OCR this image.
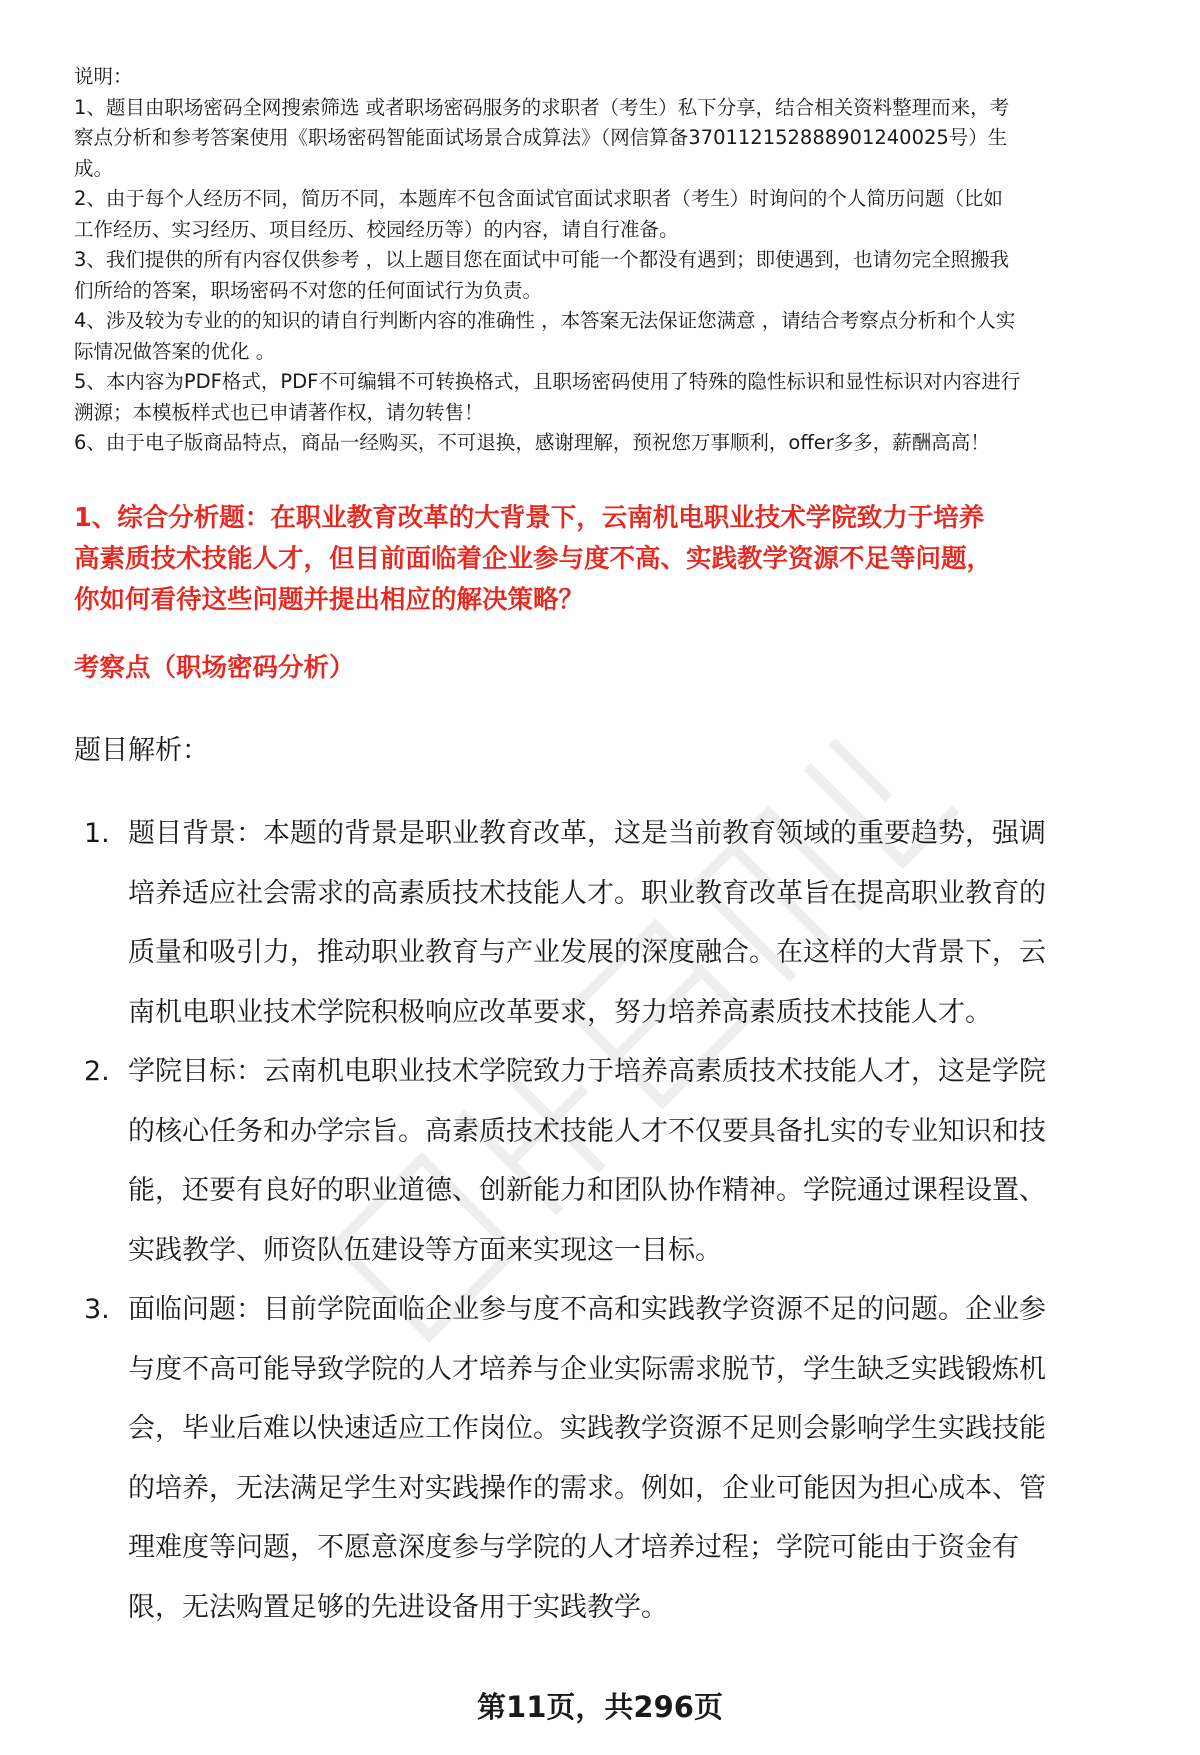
说明：

1、题目由职场密码全网搜索筛选 或者职场密码服务的求职者（考生）私下分享，结合相关资料整理而来，考

察点分析和参考答案使用《职场密码智能面试场景合成算法》（网信算备370112152888901240025号）生

成。

2、由于每个人经历不同，简历不同，本题库不包含面试官面试求职者（考生）时询问的个人简历问题（比如

工作经历、实习经历、项目经历、校园经历等）的内容，请自行准备。

3、我们提供的所有内容仅供参考 ，以上题目您在面试中可能一个都没有遇到；即使遇到，也请勿完全照搬我

们所给的答案，职场密码不对您的任何面试行为负责。

4、涉及较为专业的的知识的请自行判断内容的准确性 ，本答案无法保证您满意 ，请结合考察点分析和个人实

际情况做答案的优化 。

5、本内容为PDF格式，PDF不可编辑不可转换格式，且职场密码使用了特殊的隐性标识和显性标识对内容进行

溯源；本模板样式也已申请著作权，请勿转售！

6、由于电子版商品特点，商品一经购买，不可退换，感谢理解，预祝您万事顺利，offer多多，薪酬高高！

1、综合分析题：在职业教育改革的大背景下，云南机电职业技术学院致力于培养
高素质技术技能人才，但目前面临着企业参与度不高、实践教学资源不足等问题，
你如何看待这些问题并提出相应的解决策略？
考察点（职场密码分析）
题目解析：
1. 题目背景：本题的背景是职业教育改革，这是当前教育领域的重要趋势，强调
培养适应社会需求的高素质技术技能人才。职业教育改革旨在提高职业教育的
质量和吸引力，推动职业教育与产业发展的深度融合。在这样的大背景下，云
南机电职业技术学院积极响应改革要求，努力培养高素质技术技能人才。
2. 学院目标：云南机电职业技术学院致力于培养高素质技术技能人才，这是学院
的核心任务和办学宗旨。高素质技术技能人才不仅要具备扎实的专业知识和技
能，还要有良好的职业道德、创新能力和团队协作精神。学院通过课程设置、
实践教学、师资队伍建设等方面来实现这一目标。
3. 面临问题：目前学院面临企业参与度不高和实践教学资源不足的问题。企业参
与度不高可能导致学院的人才培养与企业实际需求脱节，学生缺乏实践锻炼机
会，毕业后难以快速适应工作岗位。实践教学资源不足则会影响学生实践技能
的培养，无法满足学生对实践操作的需求。例如，企业可能因为担心成本、管
理难度等问题，不愿意深度参与学院的人才培养过程；学院可能由于资金有
限，无法购置足够的先进设备用于实践教学。
第11页，共296页
